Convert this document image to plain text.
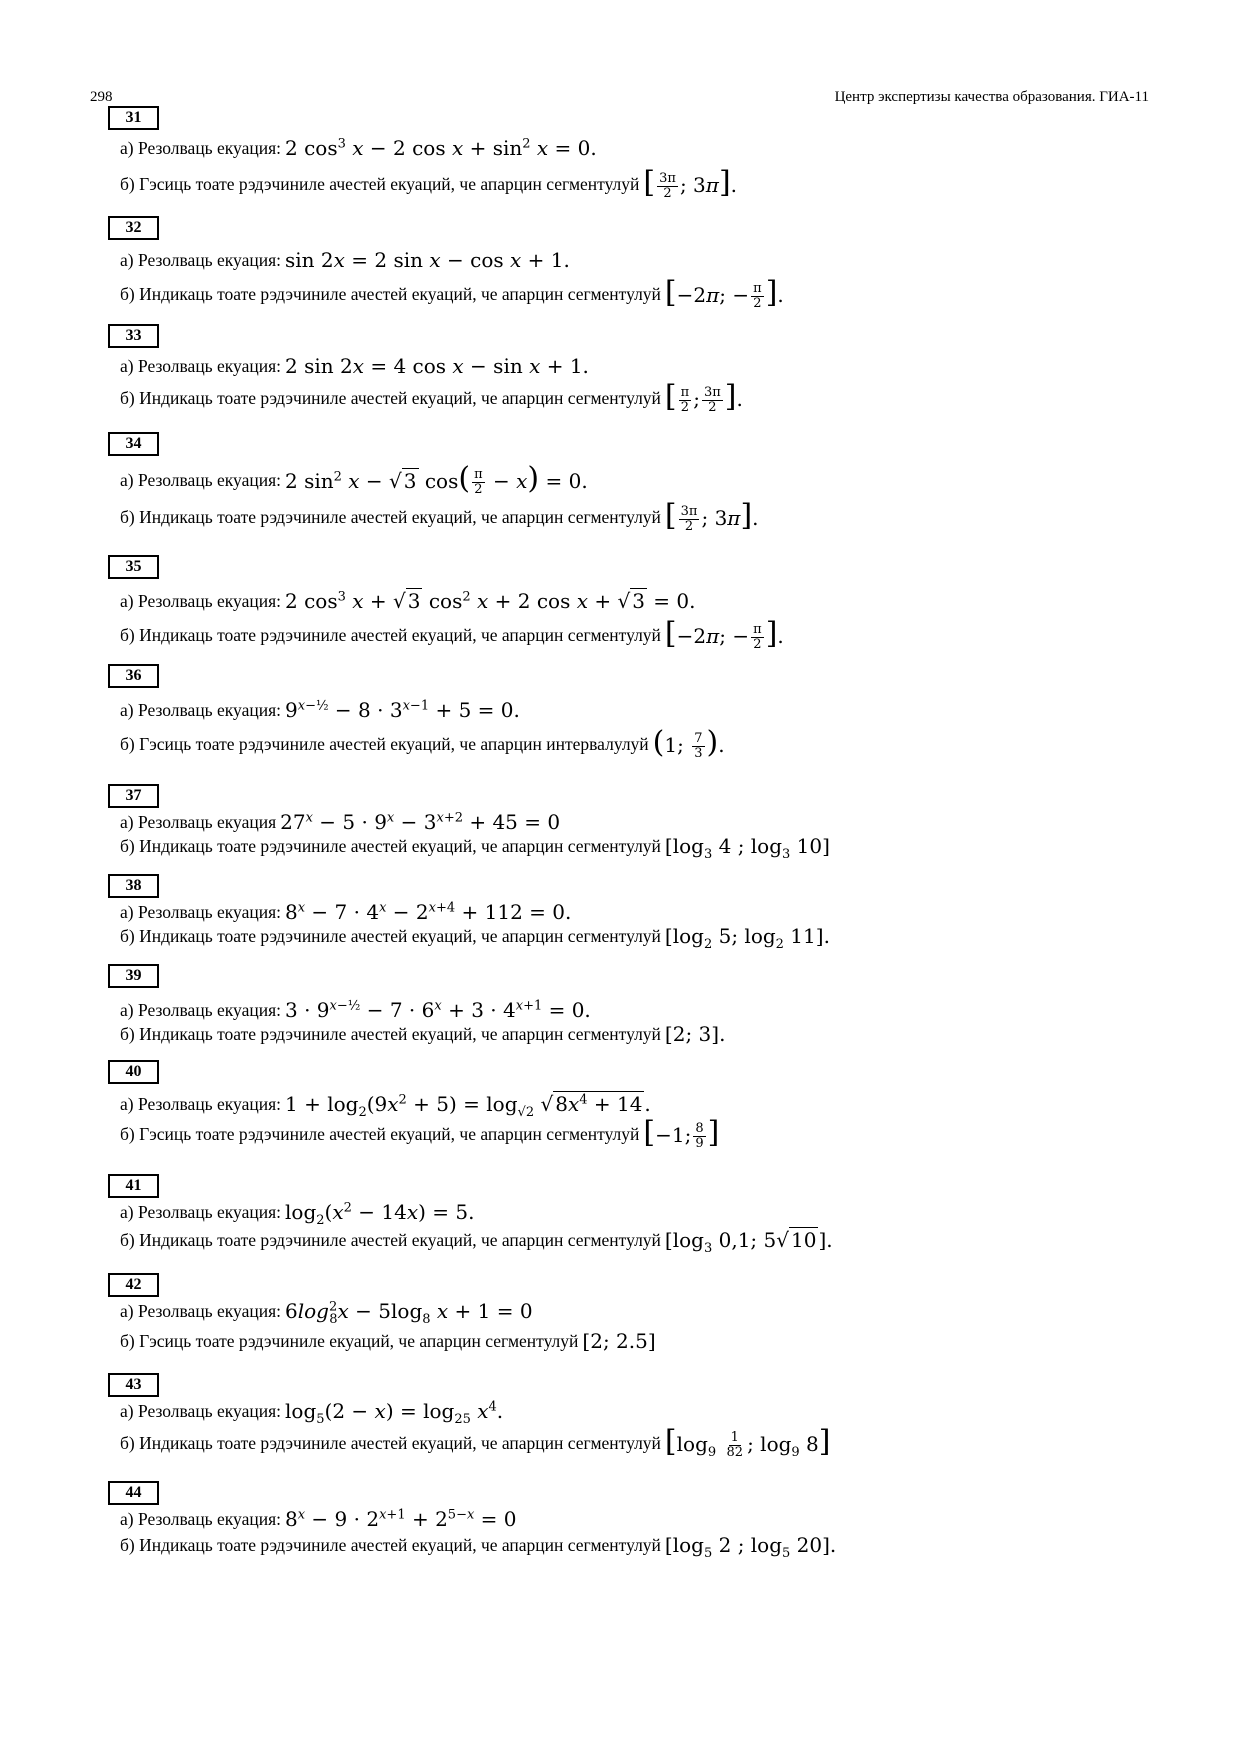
298	Центр экспертизы качества образования. ГИА-11
31
а) Резолваць екуация: 2 $\cos^3 x - 2$ $\cos x + \sin^2 x = 0$.
б) Гэсиць тоате рэдэчиниле ачестей екуаций, че апарцин сегментулуй [ $\frac{3\pi}{2}$ ; 3π].
32
а) Резолваць екуация: sin 2x = 2 sin x − cos x + 1.
б) Индикаць тоате рэдэчиниле ачестей екуаций, че апарцин сегментулуй [−2π; − $\frac{\pi}{2}$ ].
33
а) Резолваць екуация: 2 sin 2x = 4 cos x − sin x + 1.
б) Индикаць тоате рэдэчиниле ачестей екуаций, че апарцин сегментулуй [ $\frac{\pi}{2}$ ; $\frac{3\pi}{2}$ ].
34
а) Резолваць екуация: 2 $\sin^2 x$ − √ 3 $\cos( \frac{\pi}{2} - x) = 0$.
б) Индикаць тоате рэдэчиниле ачестей екуаций, че апарцин сегментулуй [ $\frac{3\pi}{2}$ ; 3π].
35
а) Резолваць екуация: 2 $\cos^3 x$ + √ 3 $\cos^2 x + 2$ cos x + √ 3 = 0.
б) Индикаць тоате рэдэчиниле ачестей екуаций, че апарцин сегментулуй [−2π; − $\frac{\pi}{2}$ ].
36
а) Резолваць екуация: $9^{x-\frac{1}{2}} - 8 \cdot 3^{x-1} + 5 = 0$.
б) Гэсиць тоате рэдэчиниле ачестей екуаций, че апарцин интервалулуй (1; $\frac{7}{3}$ ).
37
а) Резолваць екуация $27^x - 5 \cdot 9^x - 3^{x+2} + 45 = 0$
б) Индикаць тоате рэдэчиниле ачестей екуаций, че апарцин сегментулуй [$\log_3$ 4 ; $\log_3 10$]
38
а) Резолваць екуация: $8^x - 7 \cdot 4^x - 2^{x+4} + 112 = 0$.
б) Индикаць тоате рэдэчиниле ачестей екуаций, че апарцин сегментулуй [$\log_2$ 5; $\log_2 11$].
39
а) Резолваць екуация: $3 \cdot 9^{x-\frac{1}{2}} - 7 \cdot 6^x + 3 \cdot 4^{x+1} = 0$.
б) Индикаць тоате рэдэчиниле ачестей екуаций, че апарцин сегментулуй [2; 3].
40
а) Резолваць екуация: $1 + \log_2(9x^2 + 5) = \log_{√2}$ √ $8x^4 + 14$ .
б) Гэсиць тоате рэдэчиниле ачестей екуаций, че апарцин сегментулуй [−1; $\frac{8}{9}$ ]
41
а) Резолваць екуация: $\log_2(x^2 - 14x) = 5$.
б) Индикаць тоате рэдэчиниле ачестей екуаций, че апарцин сегментулуй [$\log_3$ 0,1; 5√ 10 ].
42
а) Резолваць екуация: $6\log^2_8x - 5\log_8$ x + 1 = 0
б) Гэсиць тоате рэдэчиниле екуаций, че апарцин сегментулуй [2; 2.5]
43
а) Резолваць екуация: $\log_5(2 - x) = \log_{25} x^4$.
б) Индикаць тоате рэдэчиниле ачестей екуаций, че апарцин сегментулуй [$\log_9 \frac{1}{82}$ ; $\log_9 8$]
44
а) Резолваць екуация: $8^x - 9 \cdot 2^{x+1} + 2^{5-x} = 0$
б) Индикаць тоате рэдэчиниле ачестей екуаций, че апарцин сегментулуй [$\log_5$ 2 ; $\log_5 20$].
